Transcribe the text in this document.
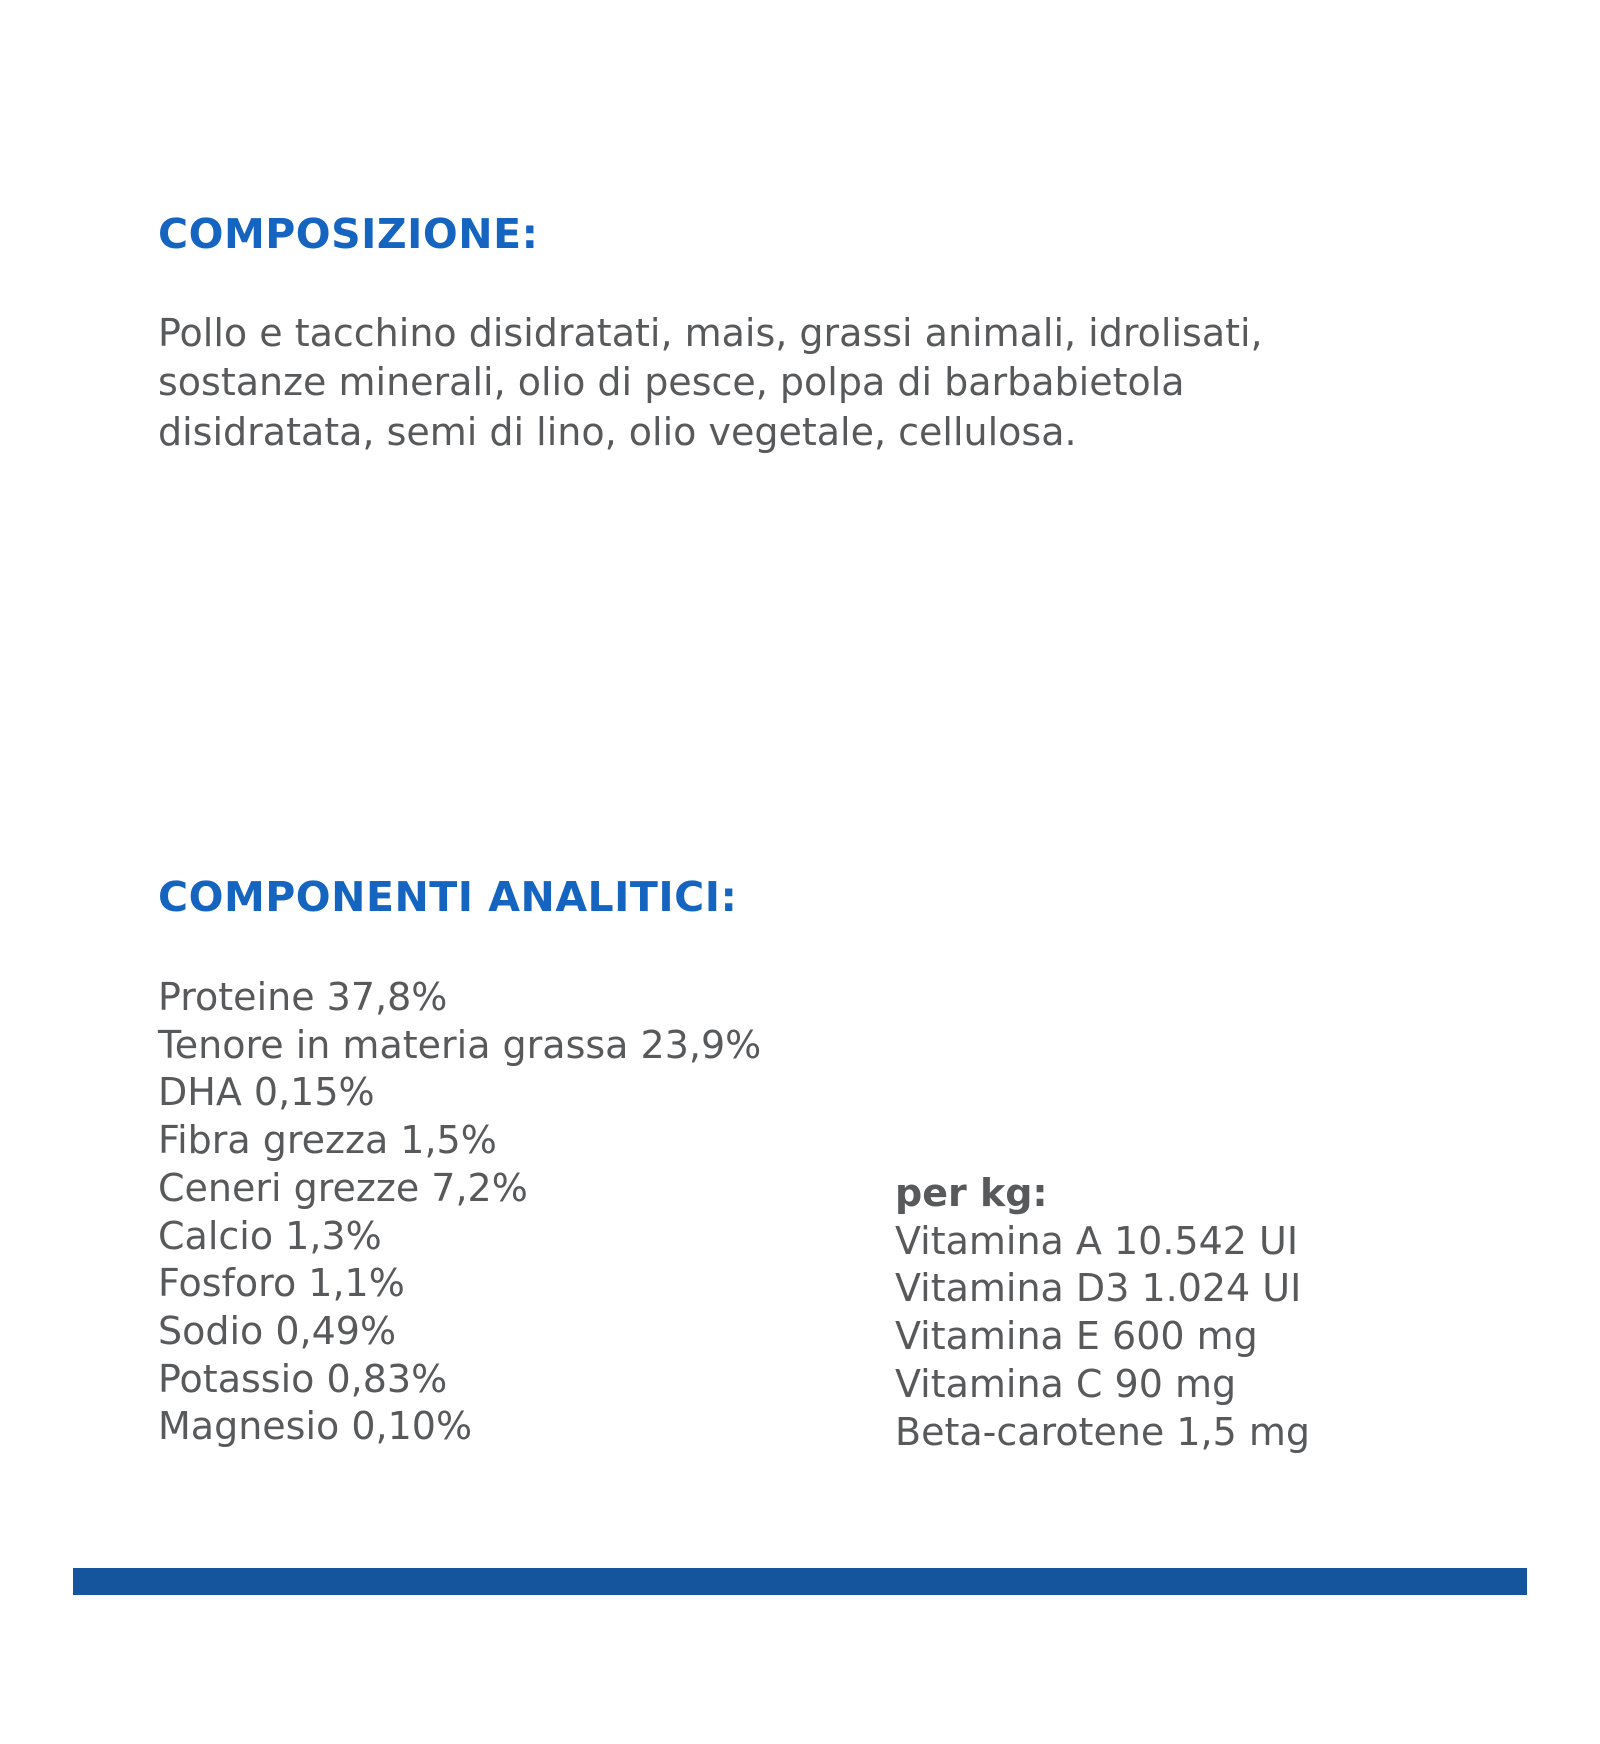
COMPOSIZIONE:
Pollo e tacchino disidratati, mais, grassi animali, idrolisati, sostanze minerali, olio di pesce, polpa di barbabietola disidratata, semi di lino, olio vegetale, cellulosa.
COMPONENTI ANALITICI:
Proteine 37,8%
Tenore in materia grassa 23,9%
DHA 0,15%
Fibra grezza 1,5%
Ceneri grezze 7,2%
Calcio 1,3%
Fosforo 1,1%
Sodio 0,49%
Potassio 0,83%
Magnesio 0,10%
per kg:
Vitamina A 10.542 UI
Vitamina D3 1.024 UI
Vitamina E 600 mg
Vitamina C 90 mg
Beta-carotene 1,5 mg
